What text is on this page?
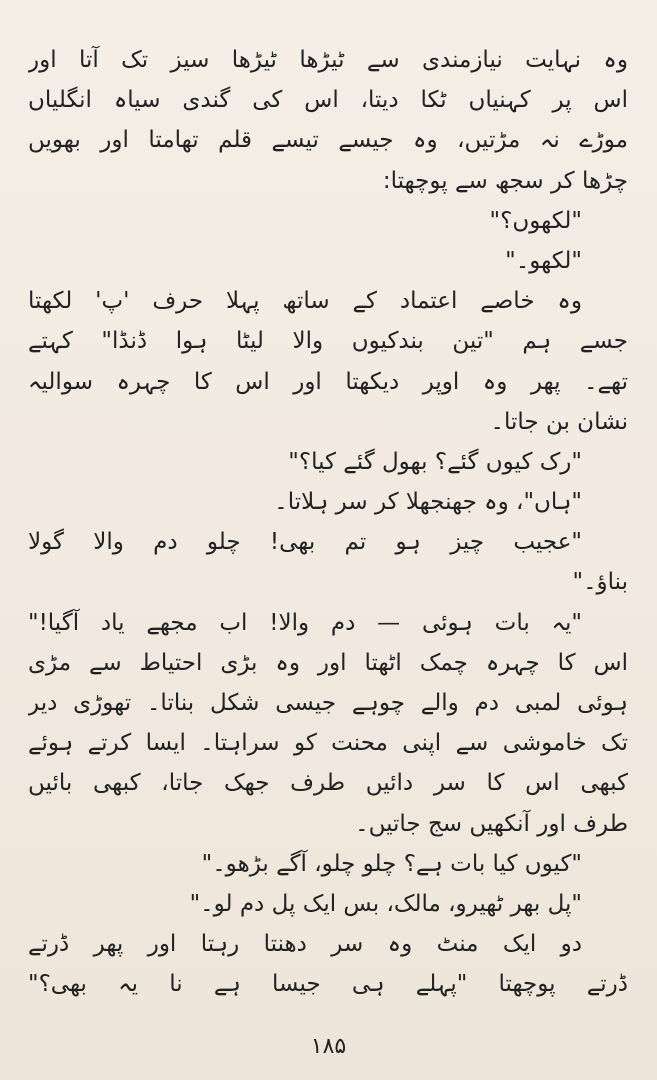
وہ نہایت نیازمندی سے ٹیڑھا ٹیڑھا سیز تک آتا اور
اس پر کہنیاں ٹکا دیتا، اس کی گندی سیاہ انگلیاں
موڑے نہ مڑتیں، وہ جیسے تیسے قلم تھامتا اور بھویں
چڑھا کر سجھ سے پوچھتا:
"لکھوں؟"
"لکھو۔"
وہ خاصے اعتماد کے ساتھ پہلا حرف 'پ' لکھتا
جسے ہم "تین بندکیوں والا لیٹا ہوا ڈنڈا" کہتے
تھے۔ پھر وہ اوپر دیکھتا اور اس کا چہرہ سوالیہ
نشان بن جاتا۔
"رک کیوں گئے؟ بھول گئے کیا؟"
"ہاں"، وہ جھنجھلا کر سر ہلاتا۔
"عجیب چیز ہو تم بھی! چلو دم والا گولا
بناؤ۔"
"یہ بات ہوئی — دم والا! اب مجھے یاد آگیا!"
اس کا چہرہ چمک اٹھتا اور وہ بڑی احتیاط سے مڑی
ہوئی لمبی دم والے چوہے جیسی شکل بناتا۔ تھوڑی دیر
تک خاموشی سے اپنی محنت کو سراہتا۔ ایسا کرتے ہوئے
کبھی اس کا سر دائیں طرف جھک جاتا، کبھی بائیں
طرف اور آنکھیں سج جاتیں۔
"کیوں کیا بات ہے؟ چلو چلو، آگے بڑھو۔"
"پل بھر ٹھیرو، مالک، بس ایک پل دم لو۔"
دو ایک منٹ وہ سر دھنتا رہتا اور پھر ڈرتے
ڈرتے پوچھتا "پہلے ہی جیسا ہے نا یہ بھی؟"
۱۸۵
